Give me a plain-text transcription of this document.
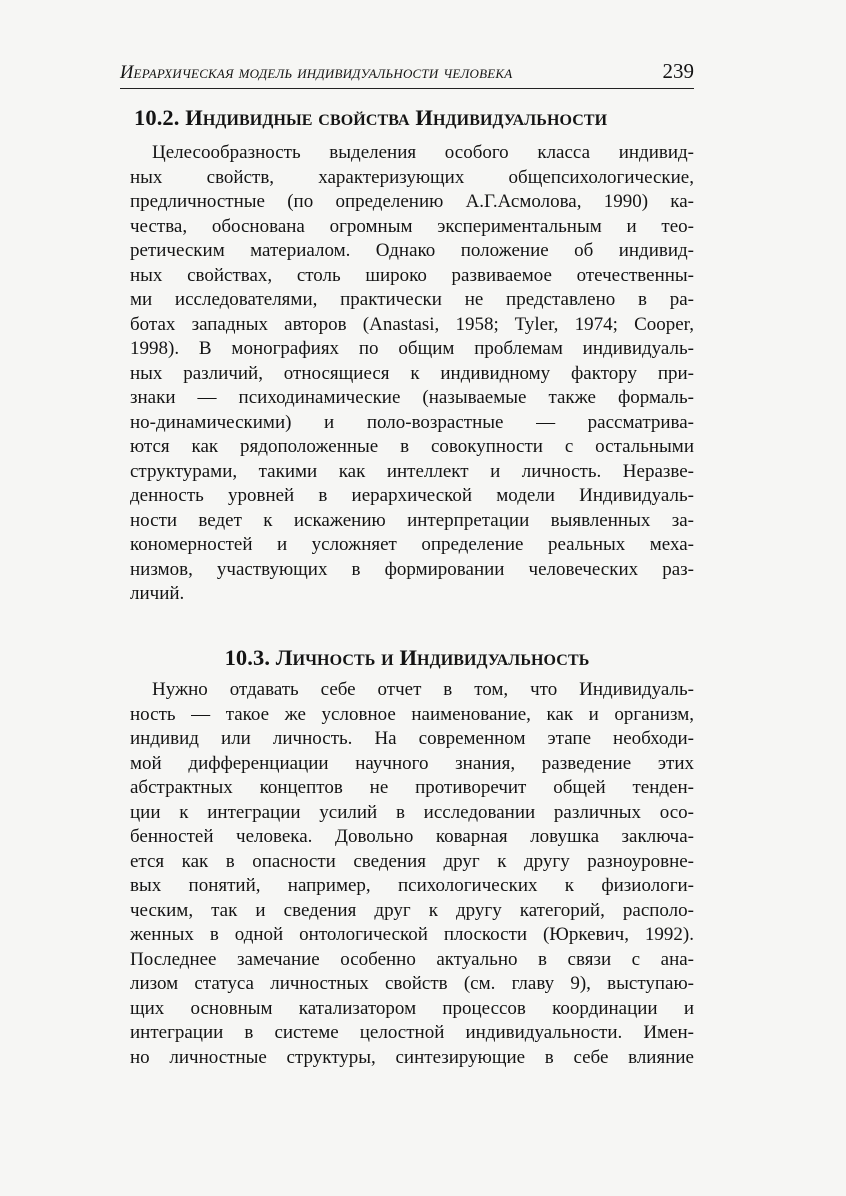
Иерархическая модель индивидуальности человека	239
10.2. Индивидные свойства Индивидуальности
Целесообразность выделения особого класса индивид-
ных свойств, характеризующих общепсихологические,
предличностные (по определению А.Г.Асмолова, 1990) ка-
чества, обоснована огромным экспериментальным и тео-
ретическим материалом. Однако положение об индивид-
ных свойствах, столь широко развиваемое отечественны-
ми исследователями, практически не представлено в ра-
ботах западных авторов (Anastasi, 1958; Tyler, 1974; Cooper,
1998). В монографиях по общим проблемам индивидуаль-
ных различий, относящиеся к индивидному фактору при-
знаки — психодинамические (называемые также формаль-
но-динамическими) и поло-возрастные — рассматрива-
ются как рядоположенные в совокупности с остальными
структурами, такими как интеллект и личность. Неразве-
денность уровней в иерархической модели Индивидуаль-
ности ведет к искажению интерпретации выявленных за-
кономерностей и усложняет определение реальных меха-
низмов, участвующих в формировании человеческих раз-
личий.
10.3. Личность и Индивидуальность
Нужно отдавать себе отчет в том, что Индивидуаль-
ность — такое же условное наименование, как и организм,
индивид или личность. На современном этапе необходи-
мой дифференциации научного знания, разведение этих
абстрактных концептов не противоречит общей тенден-
ции к интеграции усилий в исследовании различных осо-
бенностей человека. Довольно коварная ловушка заключа-
ется как в опасности сведения друг к другу разноуровне-
вых понятий, например, психологических к физиологи-
ческим, так и сведения друг к другу категорий, располо-
женных в одной онтологической плоскости (Юркевич, 1992).
Последнее замечание особенно актуально в связи с ана-
лизом статуса личностных свойств (см. главу 9), выступаю-
щих основным катализатором процессов координации и
интеграции в системе целостной индивидуальности. Имен-
но личностные структуры, синтезирующие в себе влияние
